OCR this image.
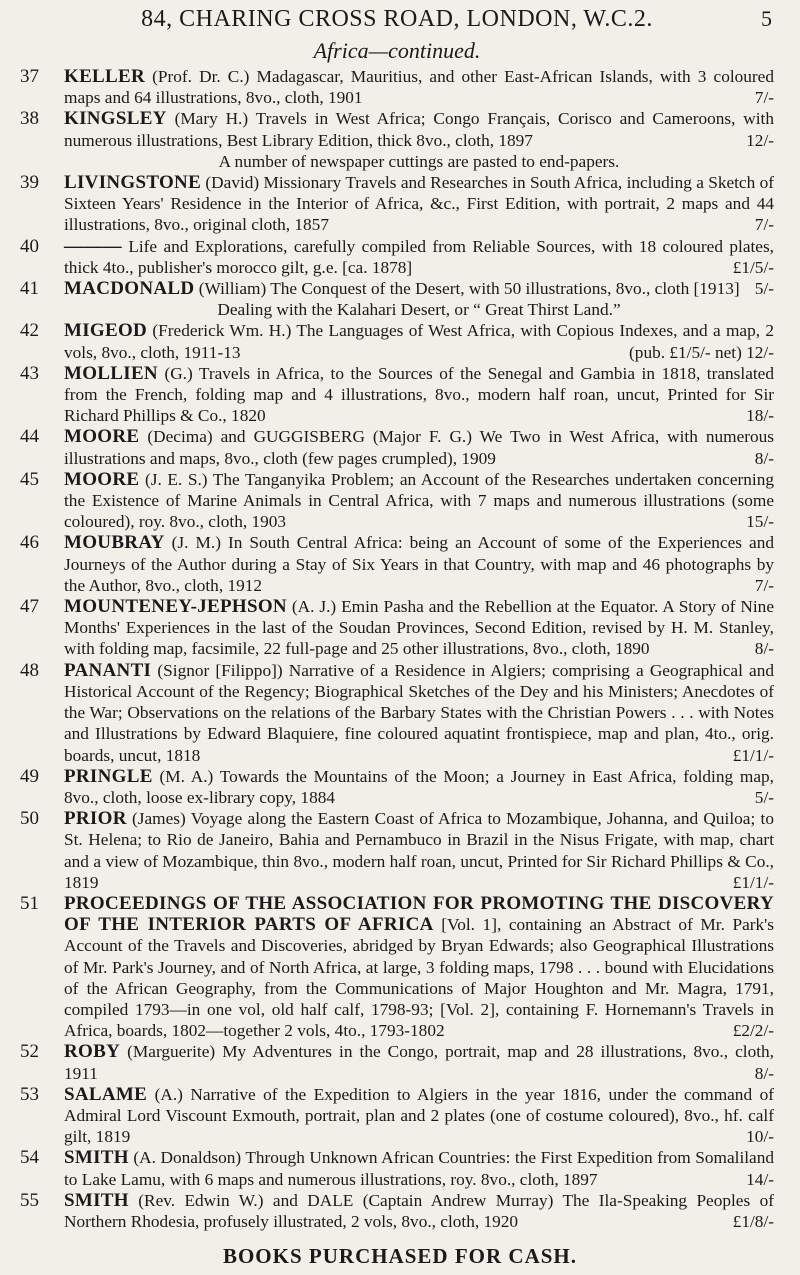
84, CHARING CROSS ROAD, LONDON, W.C.2.	5
Africa—continued.

37 KELLER (Prof. Dr. C.) Madagascar, Mauritius, and other East-African Islands, with 3 coloured maps and 64 illustrations, 8vo., cloth, 1901	7/-

38 KINGSLEY (Mary H.) Travels in West Africa; Congo Français, Corisco and Cameroons, with numerous illustrations, Best Library Edition, thick 8vo., cloth, 1897	12/-
A number of newspaper cuttings are pasted to end-papers.

39 LIVINGSTONE (David) Missionary Travels and Researches in South Africa, including a Sketch of Sixteen Years' Residence in the Interior of Africa, &c., First Edition, with portrait, 2 maps and 44 illustrations, 8vo., original cloth, 1857	7/-

40 ——— Life and Explorations, carefully compiled from Reliable Sources, with 18 coloured plates, thick 4to., publisher's morocco gilt, g.e. [ca. 1878]	£1/5/-

41 MACDONALD (William) The Conquest of the Desert, with 50 illustrations, 8vo., cloth [1913] 5/-
Dealing with the Kalahari Desert, or “ Great Thirst Land.”

42 MIGEOD (Frederick Wm. H.) The Languages of West Africa, with Copious Indexes, and a map, 2 vols, 8vo., cloth, 1911-13	(pub. £1/5/- net) 12/-

43 MOLLIEN (G.) Travels in Africa, to the Sources of the Senegal and Gambia in 1818, translated from the French, folding map and 4 illustrations, 8vo., modern half roan, uncut, Printed for Sir Richard Phillips & Co., 1820	18/-

44 MOORE (Decima) and GUGGISBERG (Major F. G.) We Two in West Africa, with numerous illustrations and maps, 8vo., cloth (few pages crumpled), 1909	8/-

45 MOORE (J. E. S.) The Tanganyika Problem; an Account of the Researches undertaken concerning the Existence of Marine Animals in Central Africa, with 7 maps and numerous illustrations (some coloured), roy. 8vo., cloth, 1903	15/-

46 MOUBRAY (J. M.) In South Central Africa: being an Account of some of the Experiences and Journeys of the Author during a Stay of Six Years in that Country, with map and 46 photographs by the Author, 8vo., cloth, 1912	7/-

47 MOUNTENEY-JEPHSON (A. J.) Emin Pasha and the Rebellion at the Equator. A Story of Nine Months' Experiences in the last of the Soudan Provinces, Second Edition, revised by H. M. Stanley, with folding map, facsimile, 22 full-page and 25 other illustrations, 8vo., cloth, 1890	8/-

48 PANANTI (Signor [Filippo]) Narrative of a Residence in Algiers; comprising a Geographical and Historical Account of the Regency; Biographical Sketches of the Dey and his Ministers; Anecdotes of the War; Observations on the relations of the Barbary States with the Christian Powers . . . with Notes and Illustrations by Edward Blaquiere, fine coloured aquatint frontispiece, map and plan, 4to., orig. boards, uncut, 1818	£1/1/-

49 PRINGLE (M. A.) Towards the Mountains of the Moon; a Journey in East Africa, folding map, 8vo., cloth, loose ex-library copy, 1884	5/-

50 PRIOR (James) Voyage along the Eastern Coast of Africa to Mozambique, Johanna, and Quiloa; to St. Helena; to Rio de Janeiro, Bahia and Pernambuco in Brazil in the Nisus Frigate, with map, chart and a view of Mozambique, thin 8vo., modern half roan, uncut, Printed for Sir Richard Phillips & Co., 1819	£1/1/-

51 PROCEEDINGS OF THE ASSOCIATION FOR PROMOTING THE DISCOVERY OF THE INTERIOR PARTS OF AFRICA [Vol. 1], containing an Abstract of Mr. Park's Account of the Travels and Discoveries, abridged by Bryan Edwards; also Geographical Illustrations of Mr. Park's Journey, and of North Africa, at large, 3 folding maps, 1798 . . . bound with Elucidations of the African Geography, from the Communications of Major Houghton and Mr. Magra, 1791, compiled 1793—in one vol, old half calf, 1798-93; [Vol. 2], containing F. Hornemann's Travels in Africa, boards, 1802—together 2 vols, 4to., 1793-1802	£2/2/-

52 ROBY (Marguerite) My Adventures in the Congo, portrait, map and 28 illustrations, 8vo., cloth, 1911	8/-

53 SALAME (A.) Narrative of the Expedition to Algiers in the year 1816, under the command of Admiral Lord Viscount Exmouth, portrait, plan and 2 plates (one of costume coloured), 8vo., hf. calf gilt, 1819	10/-

54 SMITH (A. Donaldson) Through Unknown African Countries: the First Expedition from Somaliland to Lake Lamu, with 6 maps and numerous illustrations, roy. 8vo., cloth, 1897	14/-

55 SMITH (Rev. Edwin W.) and DALE (Captain Andrew Murray) The Ila-Speaking Peoples of Northern Rhodesia, profusely illustrated, 2 vols, 8vo., cloth, 1920	£1/8/-

BOOKS PURCHASED FOR CASH.
